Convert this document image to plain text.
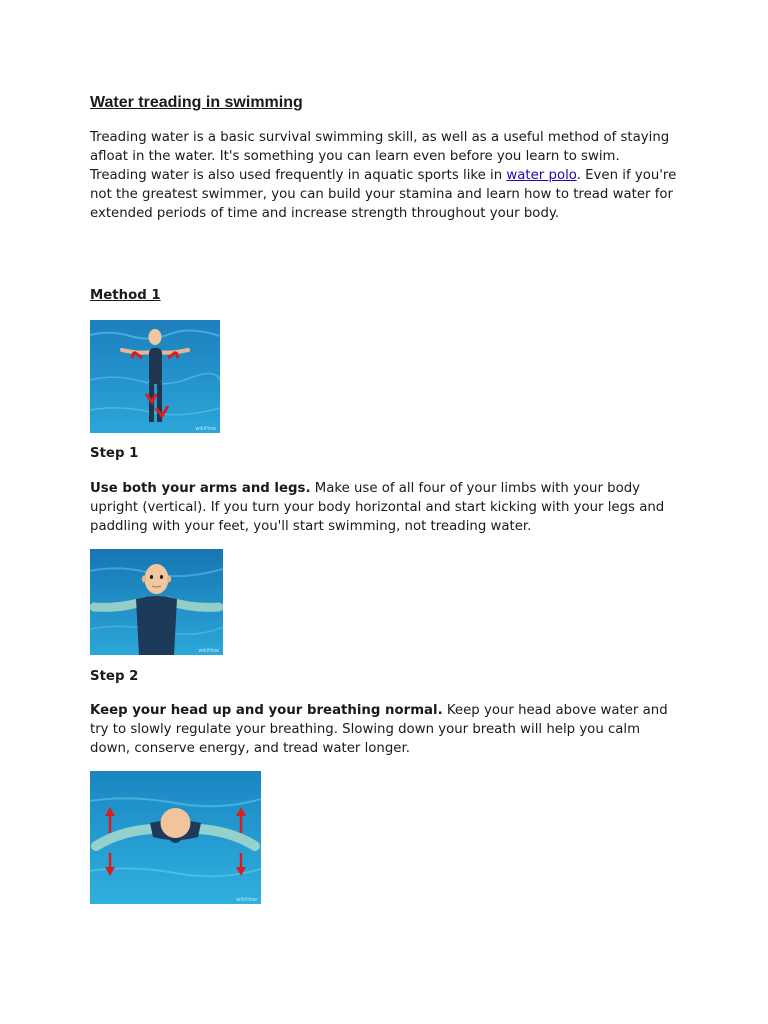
Water treading in swimming

Treading water is a basic survival swimming skill, as well as a useful method of staying afloat in the water. It's something you can learn even before you learn to swim. Treading water is also used frequently in aquatic sports like in water polo. Even if you're not the greatest swimmer, you can build your stamina and learn how to tread water for extended periods of time and increase strength throughout your body.

Method 1

wikiHow

Step 1

Use both your arms and legs. Make use of all four of your limbs with your body upright (vertical). If you turn your body horizontal and start kicking with your legs and paddling with your feet, you'll start swimming, not treading water.

wikiHow

Step 2

Keep your head up and your breathing normal. Keep your head above water and try to slowly regulate your breathing. Slowing down your breath will help you calm down, conserve energy, and tread water longer.

wikiHow
